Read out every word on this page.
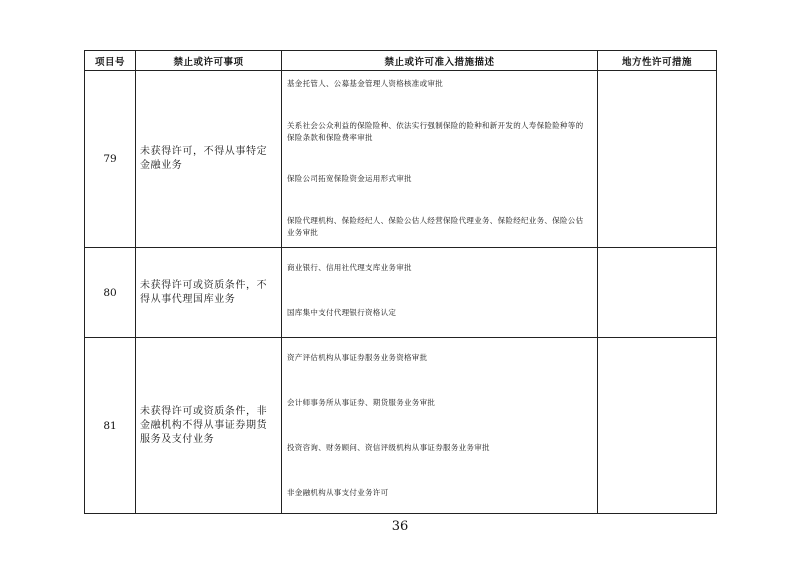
项目号	禁止或许可事项	禁止或许可准入措施描述	地方性许可措施
79	未获得许可，不得从事特定金融业务	基金托管人、公募基金管理人资格核准或审批
关系社会公众利益的保险险种、依法实行强制保险的险种和新开发的人寿保险险种等的保险条款和保险费率审批
保险公司拓宽保险资金运用形式审批
保险代理机构、保险经纪人、保险公估人经营保险代理业务、保险经纪业务、保险公估业务审批	

80	未获得许可或资质条件，不得从事代理国库业务	商业银行、信用社代理支库业务审批
国库集中支付代理银行资格认定	

81	未获得许可或资质条件，非金融机构不得从事证券期货服务及支付业务	资产评估机构从事证券服务业务资格审批
会计师事务所从事证券、期货服务业务审批
投资咨询、财务顾问、资信评级机构从事证券服务业务审批
非金融机构从事支付业务许可	

36
